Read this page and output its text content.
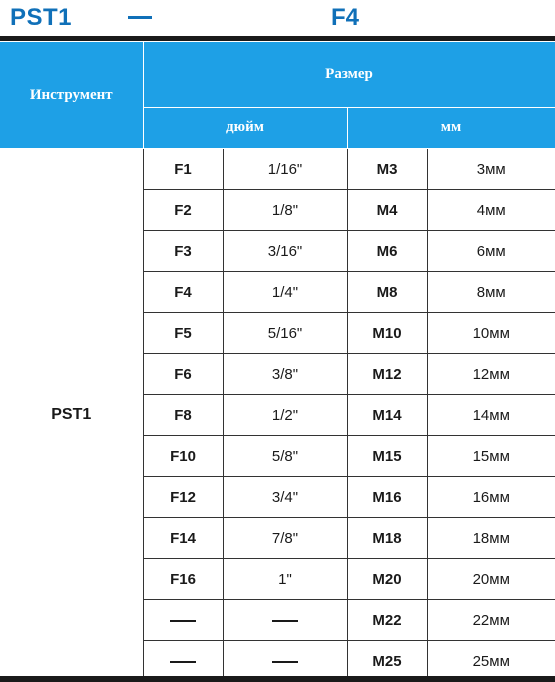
PST1	F4
Инструмент	Размер			
	дюйм		мм	
PST1	F1	1/16"	M3	3мм
	F2	1/8"	M4	4мм
	F3	3/16"	M6	6мм
	F4	1/4"	M8	8мм
	F5	5/16"	M10	10мм
	F6	3/8"	M12	12мм
	F8	1/2"	M14	14мм
	F10	5/8"	M15	15мм
	F12	3/4"	M16	16мм
	F14	7/8"	M18	18мм
	F16	1"	M20	20мм
			M22	22мм
			M25	25мм
